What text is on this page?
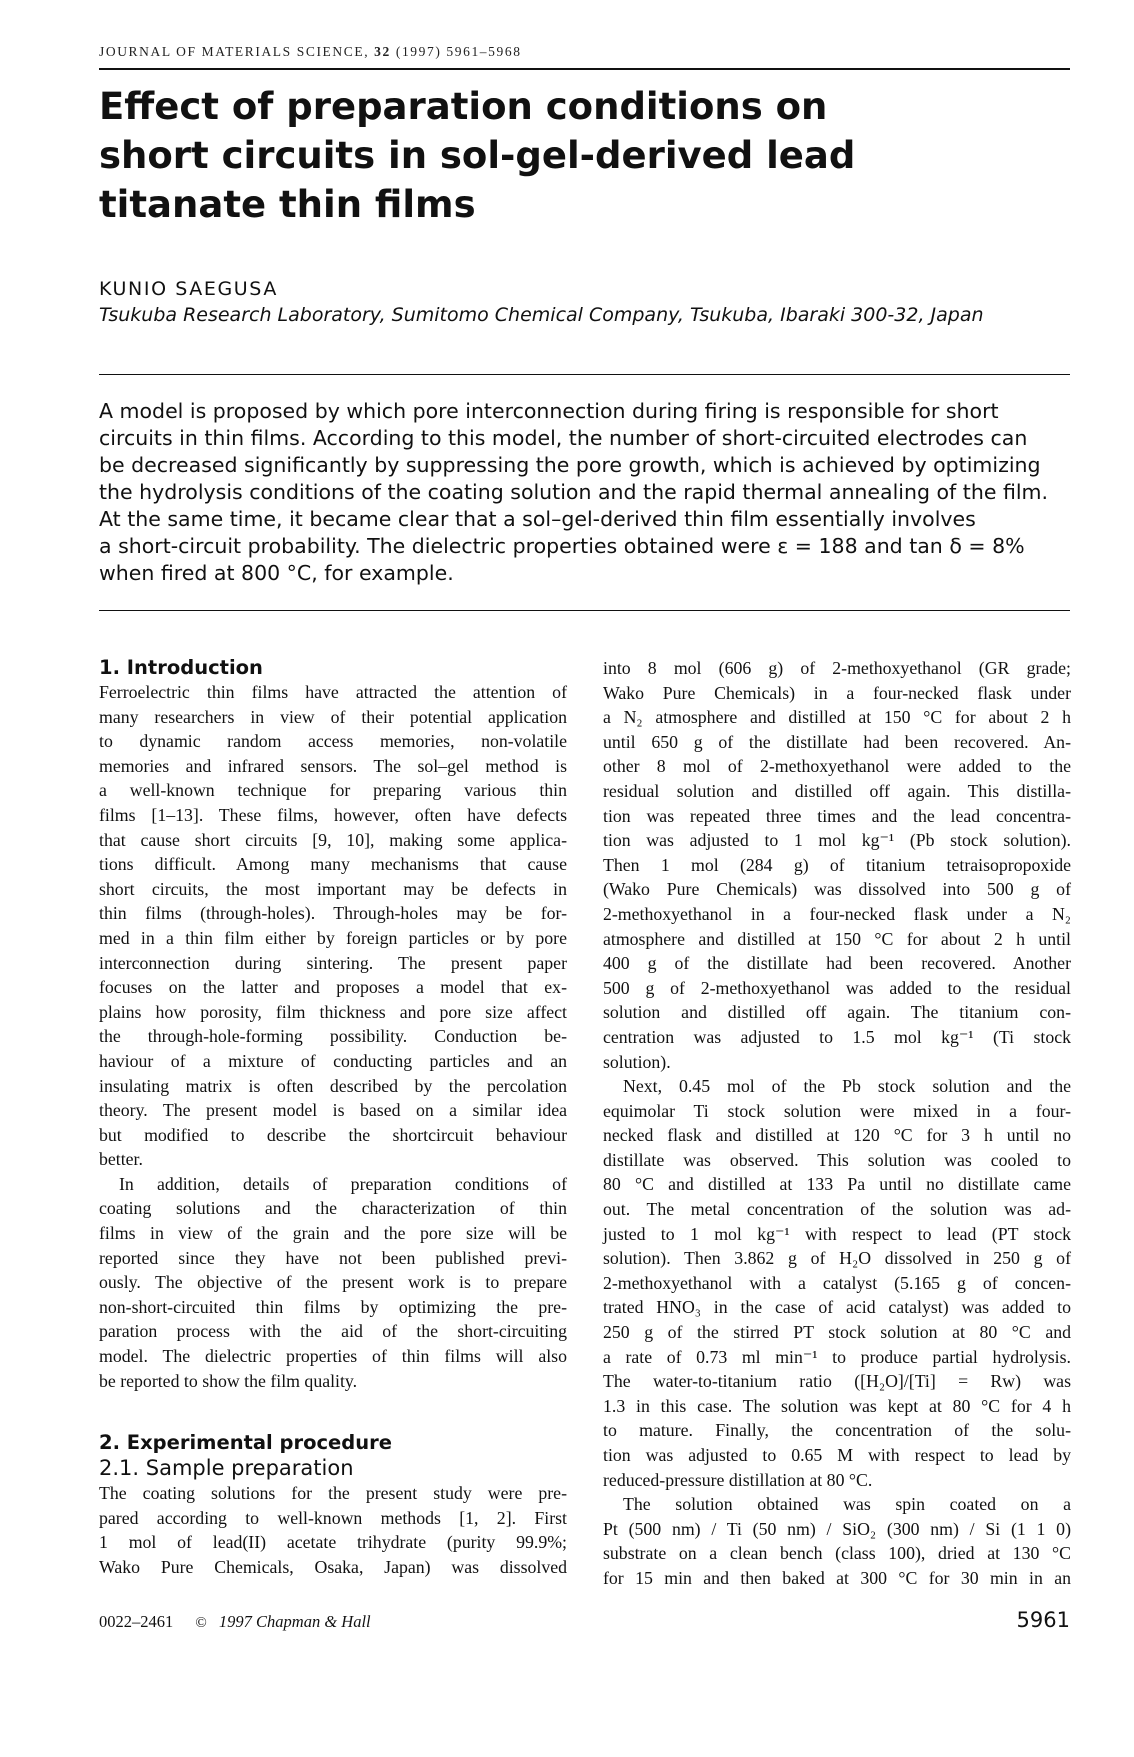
JOURNAL OF MATERIALS SCIENCE, 32 (1997) 5961–5968
Effect of preparation conditions on short circuits in sol-gel-derived lead titanate thin films
KUNIO SAEGUSA
Tsukuba Research Laboratory, Sumitomo Chemical Company, Tsukuba, Ibaraki 300-32, Japan
A model is proposed by which pore interconnection during firing is responsible for short
circuits in thin films. According to this model, the number of short-circuited electrodes can
be decreased significantly by suppressing the pore growth, which is achieved by optimizing
the hydrolysis conditions of the coating solution and the rapid thermal annealing of the film.
At the same time, it became clear that a sol–gel-derived thin film essentially involves
a short-circuit probability. The dielectric properties obtained were ε = 188 and tan δ = 8%
when fired at 800 °C, for example.
1. Introduction
Ferroelectric thin films have attracted the attention of
many researchers in view of their potential application
to dynamic random access memories, non-volatile
memories and infrared sensors. The sol–gel method is
a well-known technique for preparing various thin
films [1–13]. These films, however, often have defects
that cause short circuits [9, 10], making some applica-
tions difficult. Among many mechanisms that cause
short circuits, the most important may be defects in
thin films (through-holes). Through-holes may be for-
med in a thin film either by foreign particles or by pore
interconnection during sintering. The present paper
focuses on the latter and proposes a model that ex-
plains how porosity, film thickness and pore size affect
the through-hole-forming possibility. Conduction be-
haviour of a mixture of conducting particles and an
insulating matrix is often described by the percolation
theory. The present model is based on a similar idea
but modified to describe the shortcircuit behaviour
better.
In addition, details of preparation conditions of
coating solutions and the characterization of thin
films in view of the grain and the pore size will be
reported since they have not been published previ-
ously. The objective of the present work is to prepare
non-short-circuited thin films by optimizing the pre-
paration process with the aid of the short-circuiting
model. The dielectric properties of thin films will also
be reported to show the film quality.
2. Experimental procedure
2.1. Sample preparation
The coating solutions for the present study were pre-
pared according to well-known methods [1, 2]. First
1 mol of lead(II) acetate trihydrate (purity 99.9%;
Wako Pure Chemicals, Osaka, Japan) was dissolved
into 8 mol (606 g) of 2-methoxyethanol (GR grade;
Wako Pure Chemicals) in a four-necked flask under
a N₂ atmosphere and distilled at 150 °C for about 2 h
until 650 g of the distillate had been recovered. An-
other 8 mol of 2-methoxyethanol were added to the
residual solution and distilled off again. This distilla-
tion was repeated three times and the lead concentra-
tion was adjusted to 1 mol kg⁻¹ (Pb stock solution).
Then 1 mol (284 g) of titanium tetraisopropoxide
(Wako Pure Chemicals) was dissolved into 500 g of
2-methoxyethanol in a four-necked flask under a N₂
atmosphere and distilled at 150 °C for about 2 h until
400 g of the distillate had been recovered. Another
500 g of 2-methoxyethanol was added to the residual
solution and distilled off again. The titanium con-
centration was adjusted to 1.5 mol kg⁻¹ (Ti stock
solution).
Next, 0.45 mol of the Pb stock solution and the
equimolar Ti stock solution were mixed in a four-
necked flask and distilled at 120 °C for 3 h until no
distillate was observed. This solution was cooled to
80 °C and distilled at 133 Pa until no distillate came
out. The metal concentration of the solution was ad-
justed to 1 mol kg⁻¹ with respect to lead (PT stock
solution). Then 3.862 g of H₂O dissolved in 250 g of
2-methoxyethanol with a catalyst (5.165 g of concen-
trated HNO₃ in the case of acid catalyst) was added to
250 g of the stirred PT stock solution at 80 °C and
a rate of 0.73 ml min⁻¹ to produce partial hydrolysis.
The water-to-titanium ratio ([H₂O]/[Ti] = Rw) was
1.3 in this case. The solution was kept at 80 °C for 4 h
to mature. Finally, the concentration of the solu-
tion was adjusted to 0.65 M with respect to lead by
reduced-pressure distillation at 80 °C.
The solution obtained was spin coated on a
Pt (500 nm) / Ti (50 nm) / SiO₂ (300 nm) / Si (1 1 0)
substrate on a clean bench (class 100), dried at 130 °C
for 15 min and then baked at 300 °C for 30 min in an
0022–2461 © 1997 Chapman & Hall	5961
